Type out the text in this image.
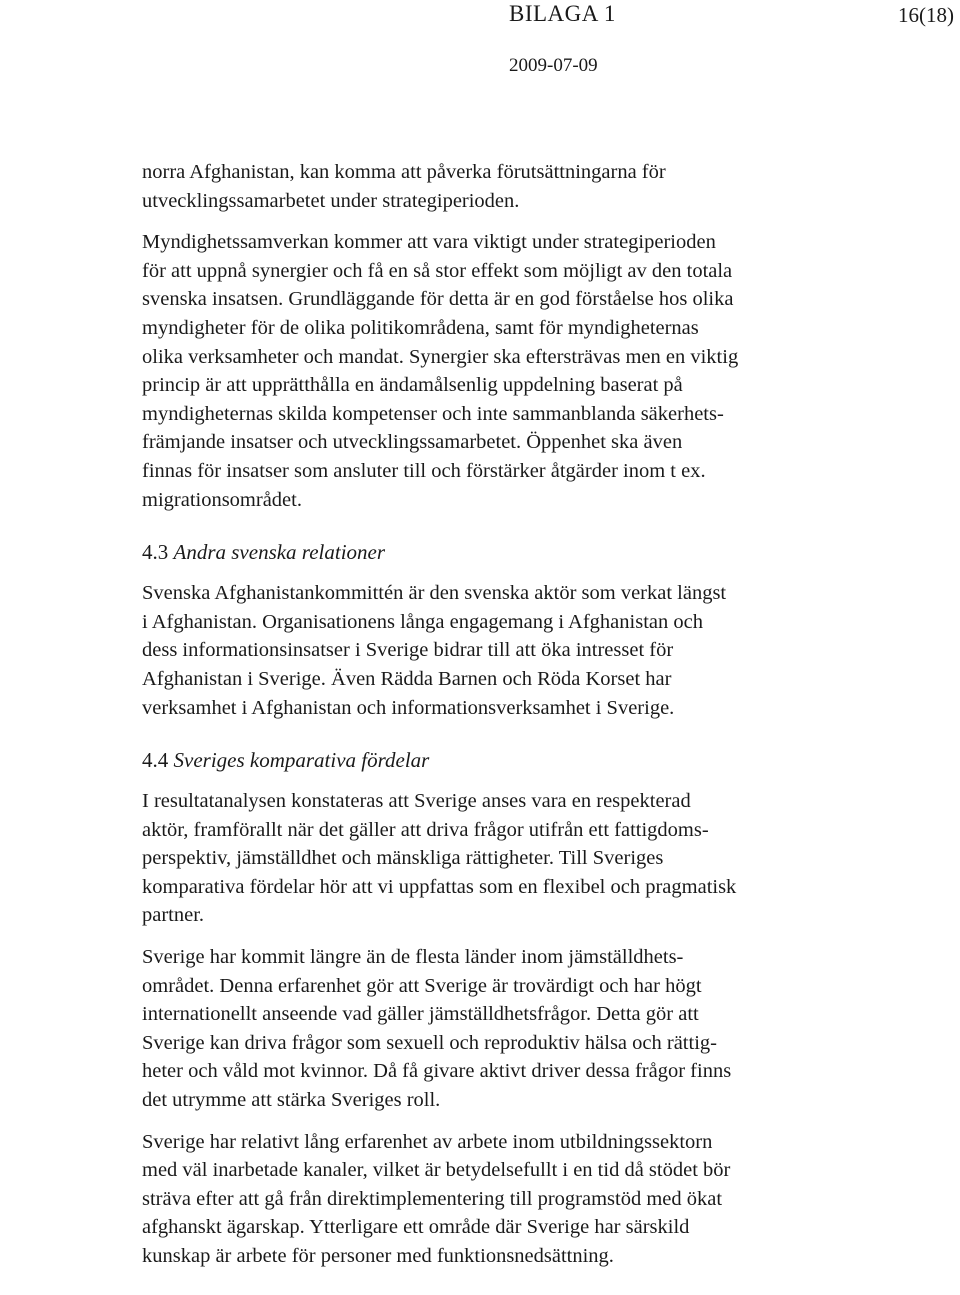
BILAGA 1	16(18)
2009-07-09

norra Afghanistan, kan komma att påverka förutsättningarna för
utvecklingssamarbetet under strategiperioden.

Myndighetssamverkan kommer att vara viktigt under strategiperioden
för att uppnå synergier och få en så stor effekt som möjligt av den totala
svenska insatsen. Grundläggande för detta är en god förståelse hos olika
myndigheter för de olika politikområdena, samt för myndigheternas
olika verksamheter och mandat. Synergier ska eftersträvas men en viktig
princip är att upprätthålla en ändamålsenlig uppdelning baserat på
myndigheternas skilda kompetenser och inte sammanblanda säkerhets-
främjande insatser och utvecklingssamarbetet. Öppenhet ska även
finnas för insatser som ansluter till och förstärker åtgärder inom t ex.
migrationsområdet.

4.3 Andra svenska relationer

Svenska Afghanistankommittén är den svenska aktör som verkat längst
i Afghanistan. Organisationens långa engagemang i Afghanistan och
dess informationsinsatser i Sverige bidrar till att öka intresset för
Afghanistan i Sverige. Även Rädda Barnen och Röda Korset har
verksamhet i Afghanistan och informationsverksamhet i Sverige.

4.4 Sveriges komparativa fördelar

I resultatanalysen konstateras att Sverige anses vara en respekterad
aktör, framförallt när det gäller att driva frågor utifrån ett fattigdoms-
perspektiv, jämställdhet och mänskliga rättigheter. Till Sveriges
komparativa fördelar hör att vi uppfattas som en flexibel och pragmatisk
partner.

Sverige har kommit längre än de flesta länder inom jämställdhets-
området. Denna erfarenhet gör att Sverige är trovärdigt och har högt
internationellt anseende vad gäller jämställdhetsfrågor. Detta gör att
Sverige kan driva frågor som sexuell och reproduktiv hälsa och rättig-
heter och våld mot kvinnor. Då få givare aktivt driver dessa frågor finns
det utrymme att stärka Sveriges roll.

Sverige har relativt lång erfarenhet av arbete inom utbildningssektorn
med väl inarbetade kanaler, vilket är betydelsefullt i en tid då stödet bör
sträva efter att gå från direktimplementering till programstöd med ökat
afghanskt ägarskap. Ytterligare ett område där Sverige har särskild
kunskap är arbete för personer med funktionsnedsättning.
